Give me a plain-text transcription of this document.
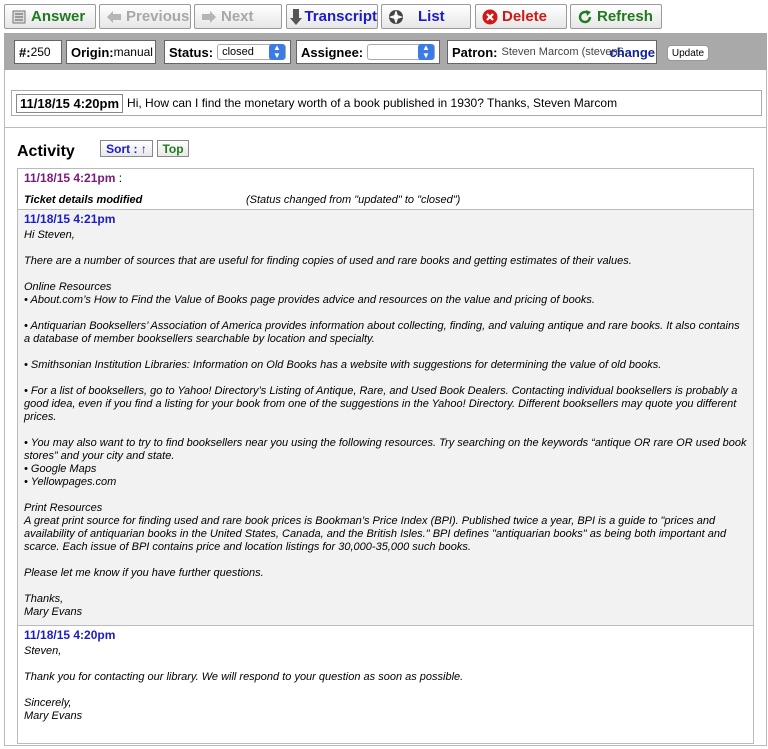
Answer	Previous Next	Transcript	List	Delete	Refresh
#: 250 Origin: manual Status: closed	▲
▼	Assignee:	▲
▼	Patron: Steven Marcom (steven6
change	Update
11/18/15 4:20pm Hi, How can I find the monetary worth of a book published in 1930? Thanks, Steven Marcom
Activity	Sort : ↑	Top
11/18/15 4:21pm :
Ticket details modified	(Status changed from "updated" to "closed")
11/18/15 4:21pm

Hi Steven,

There are a number of sources that are useful for finding copies of used and rare books and getting estimates of their values.

Online Resources

• About.com’s How to Find the Value of Books page provides advice and resources on the value and pricing of books.

• Antiquarian Booksellers’ Association of America provides information about collecting, finding, and valuing antique and rare books. It also contains a database of member booksellers searchable by location and specialty.

• Smithsonian Institution Libraries: Information on Old Books has a website with suggestions for determining the value of old books.

• For a list of booksellers, go to Yahoo! Directory’s Listing of Antique, Rare, and Used Book Dealers. Contacting individual booksellers is probably a good idea, even if you find a listing for your book from one of the suggestions in the Yahoo! Directory. Different booksellers may quote you different prices.

• You may also want to try to find booksellers near you using the following resources. Try searching on the keywords “antique OR rare OR used book stores” and your city and state.

• Google Maps

• Yellowpages.com

Print Resources

A great print source for finding used and rare book prices is Bookman’s Price Index (BPI). Published twice a year, BPI is a guide to "prices and availability of antiquarian books in the United States, Canada, and the British Isles." BPI defines "antiquarian books" as being both important and scarce. Each issue of BPI contains price and location listings for 30,000-35,000 such books.

Please let me know if you have further questions.

Thanks,

Mary Evans

11/18/15 4:20pm

Steven,

Thank you for contacting our library. We will respond to your question as soon as possible.

Sincerely,

Mary Evans
